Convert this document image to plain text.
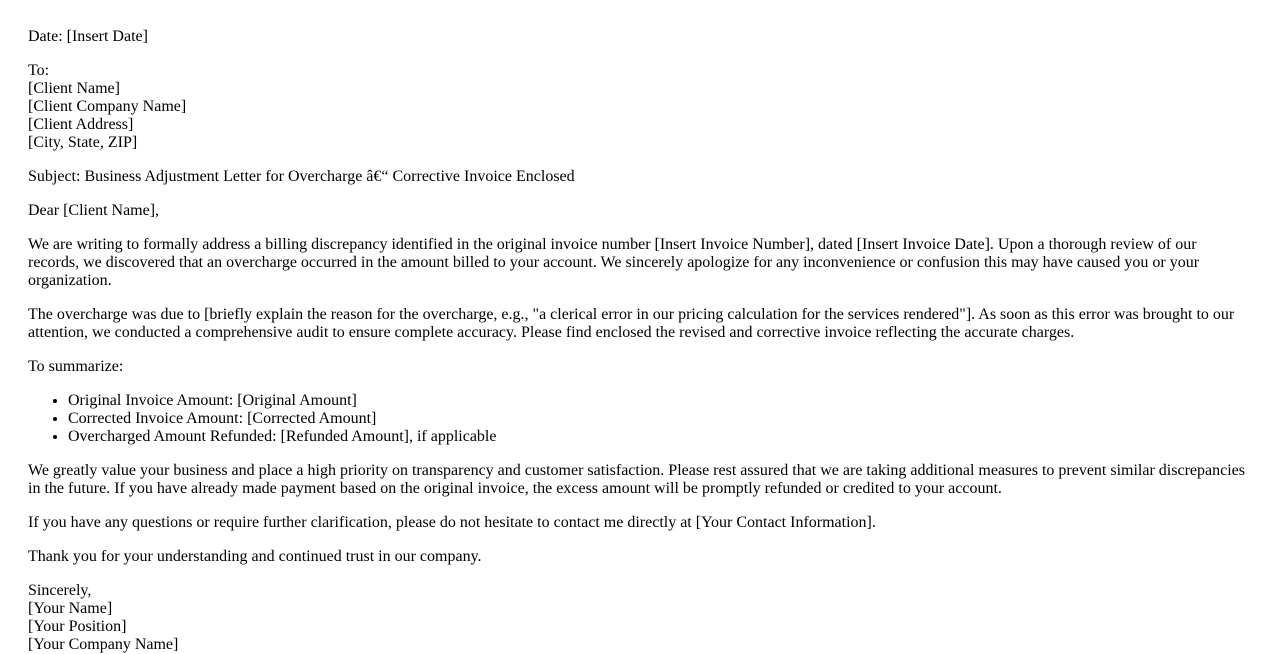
Date: [Insert Date]

To:
[Client Name]
[Client Company Name]
[Client Address]
[City, State, ZIP]

Subject: Business Adjustment Letter for Overcharge â€“ Corrective Invoice Enclosed

Dear [Client Name],

We are writing to formally address a billing discrepancy identified in the original invoice number [Insert Invoice Number], dated [Insert Invoice Date]. Upon a thorough review of our records, we discovered that an overcharge occurred in the amount billed to your account. We sincerely apologize for any inconvenience or confusion this may have caused you or your organization.

The overcharge was due to [briefly explain the reason for the overcharge, e.g., "a clerical error in our pricing calculation for the services rendered"]. As soon as this error was brought to our attention, we conducted a comprehensive audit to ensure complete accuracy. Please find enclosed the revised and corrective invoice reflecting the accurate charges.

To summarize:

• Original Invoice Amount: [Original Amount]
• Corrected Invoice Amount: [Corrected Amount]
• Overcharged Amount Refunded: [Refunded Amount], if applicable

We greatly value your business and place a high priority on transparency and customer satisfaction. Please rest assured that we are taking additional measures to prevent similar discrepancies in the future. If you have already made payment based on the original invoice, the excess amount will be promptly refunded or credited to your account.

If you have any questions or require further clarification, please do not hesitate to contact me directly at [Your Contact Information].

Thank you for your understanding and continued trust in our company.

Sincerely,
[Your Name]
[Your Position]
[Your Company Name]
